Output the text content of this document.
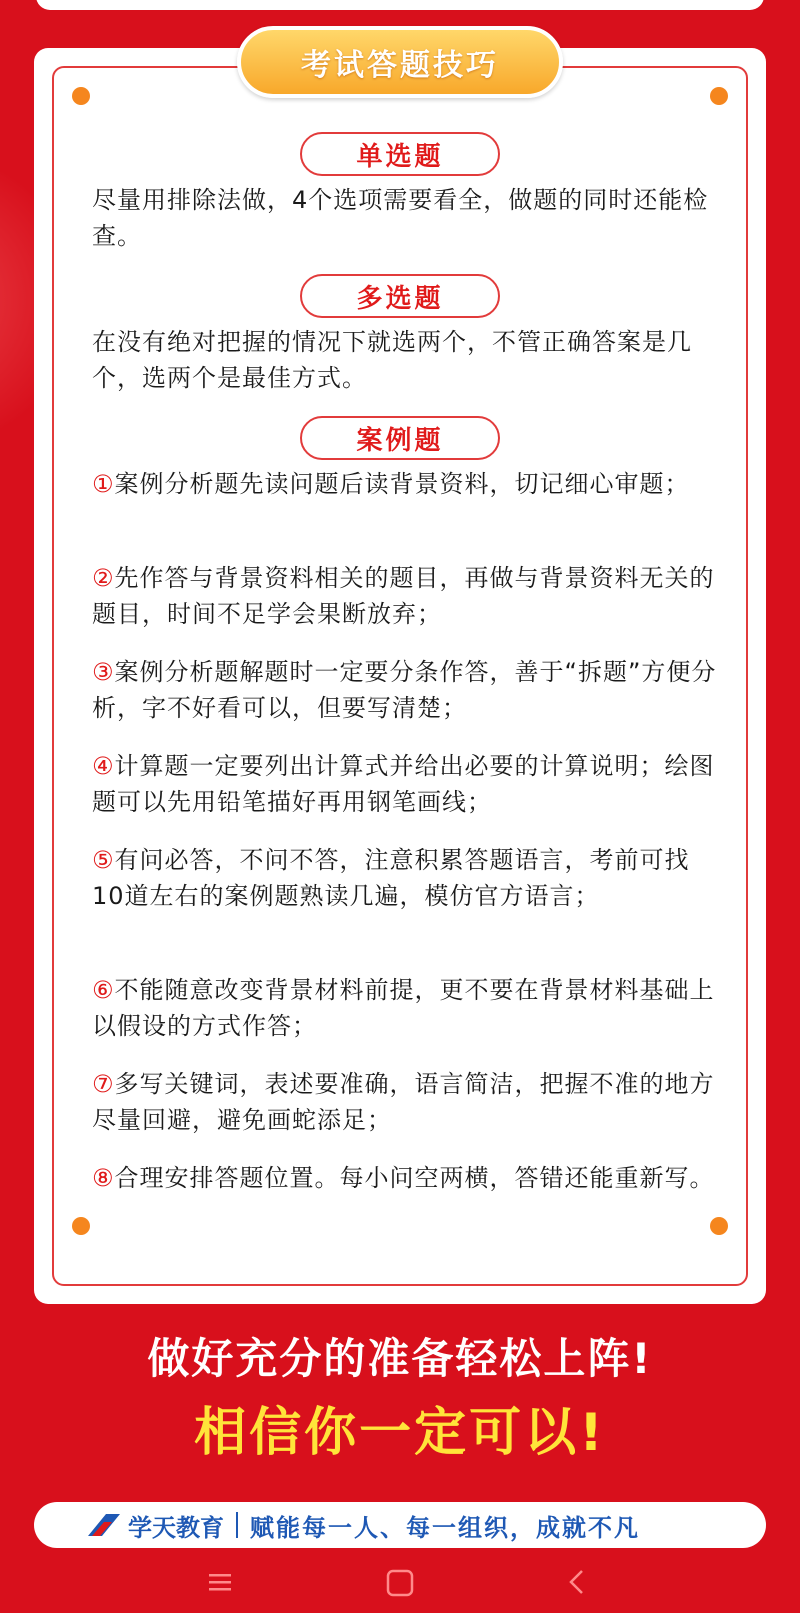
考试答题技巧
单选题
尽量用排除法做，4个选项需要看全，做题的同时还能检查。
多选题
在没有绝对把握的情况下就选两个，不管正确答案是几个，选两个是最佳方式。
案例题
①案例分析题先读问题后读背景资料，切记细心审题；
②先作答与背景资料相关的题目，再做与背景资料无关的题目，时间不足学会果断放弃；
③案例分析题解题时一定要分条作答，善于“拆题”方便分析，字不好看可以，但要写清楚；
④计算题一定要列出计算式并给出必要的计算说明；绘图题可以先用铅笔描好再用钢笔画线；
⑤有问必答，不问不答，注意积累答题语言，考前可找10道左右的案例题熟读几遍，模仿官方语言；
⑥不能随意改变背景材料前提，更不要在背景材料基础上以假设的方式作答；
⑦多写关键词，表述要准确，语言简洁，把握不准的地方尽量回避，避免画蛇添足；
⑧合理安排答题位置。每小问空两横，答错还能重新写。
做好充分的准备轻松上阵!
相信你一定可以!
学天教育 赋能每一人、每一组织，成就不凡
